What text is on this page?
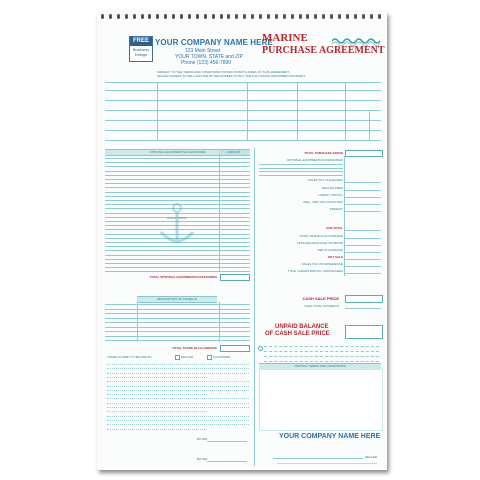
FREE
Business Design
YOUR COMPANY NAME HERE
123 Main Street
YOUR TOWN, STATE and ZIP
Phone (123) 456-7890
MARINE
PURCHASE AGREEMENT
SUBJECT TO THE TERMS AND CONDITIONS STATED ON BOTH SIDES OF THIS AGREEMENT,
SELLER AGREES TO SELL AND THE BUYER AGREES TO BUY THE FOLLOWING DESCRIBED PROPERTY.
OPTIONAL EQUIPMENT/ACCESSORIES	AMOUNT
TOTAL OPTIONAL EQUIPMENT/ACCESSORIES
DESCRIPTION OF TRADE-IN
TOTAL TRADE-IN ALLOWANCE
TRADE-IN DEBT TO BE PAID BY	DEALER	CUSTOMER
BUYER
BUYER
TOTAL PURCHASE ABOVE
OPTIONAL EQUIPMENT/ACCESSORIES
SALES TAX (If applicable)
DEALER PREP
LABOR / INSTALL
REG., DMV OR LAUNCHING
FREIGHT
SUB-TOTAL
TOTAL TRADE-IN ALLOWANCE
LESS BALANCE DUE ON ABOVE
NET ALLOWANCE
NET SALE
SALES TAX ON DIFFERENCE
TITLE / REGISTRATION / OFFICE FEES
CASH SALE PRICE
LESS TOTAL PAYMENTS
UNPAID BALANCE
OF CASH SALE PRICE
OFFICIAL TERMS AND CONDITIONS
YOUR COMPANY NAME HERE
DEALER
